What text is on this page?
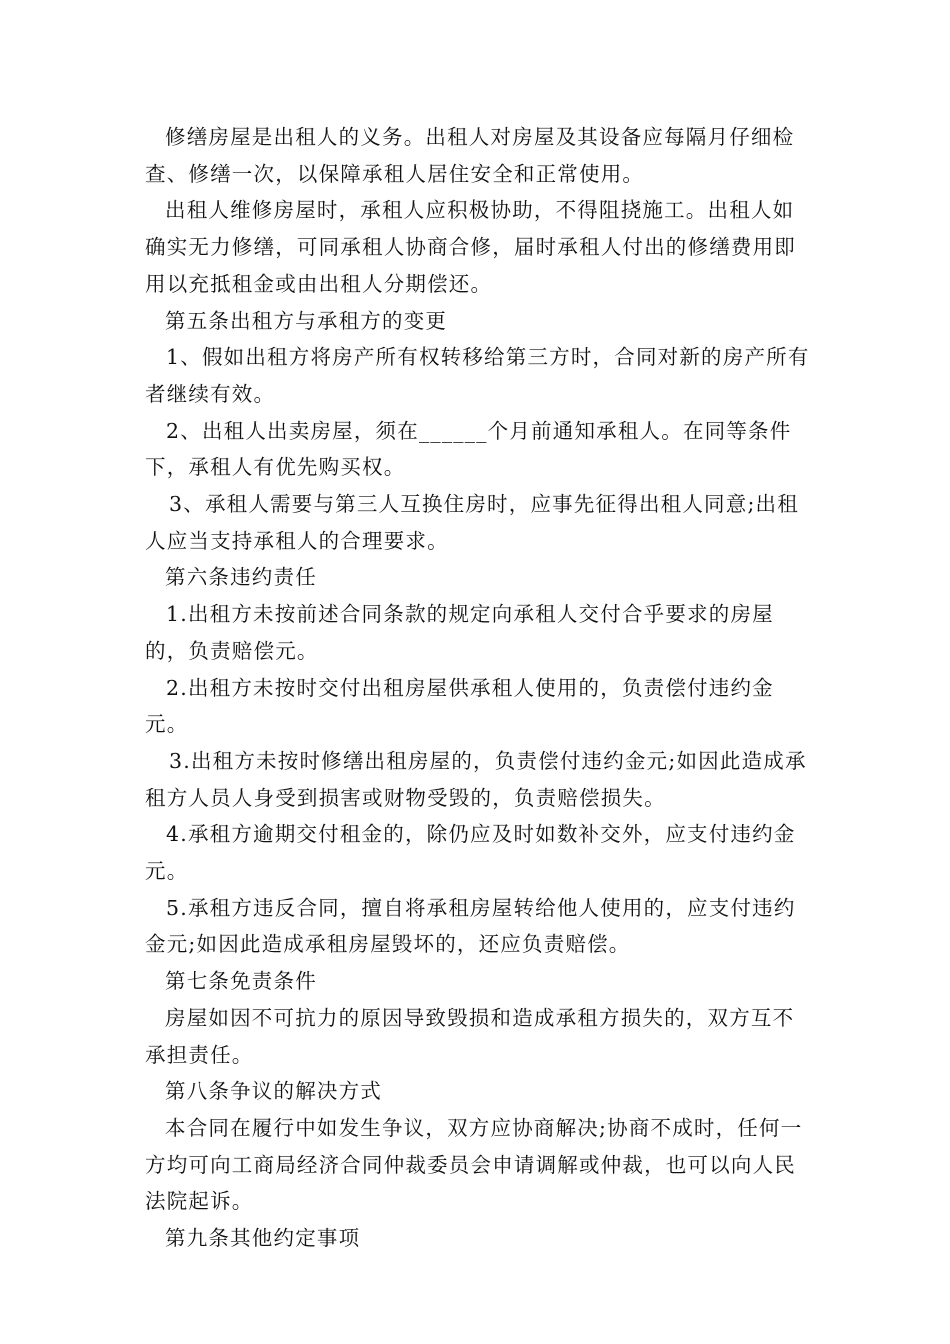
修缮房屋是出租人的义务。出租人对房屋及其设备应每隔月仔细检查、修缮一次，以保障承租人居住安全和正常使用。

出租人维修房屋时，承租人应积极协助，不得阻挠施工。出租人如确实无力修缮，可同承租人协商合修，届时承租人付出的修缮费用即用以充抵租金或由出租人分期偿还。

第五条出租方与承租方的变更

1、假如出租方将房产所有权转移给第三方时，合同对新的房产所有者继续有效。

2、出租人出卖房屋，须在______个月前通知承租人。在同等条件下，承租人有优先购买权。

3、承租人需要与第三人互换住房时，应事先征得出租人同意;出租人应当支持承租人的合理要求。

第六条违约责任

1.出租方未按前述合同条款的规定向承租人交付合乎要求的房屋的，负责赔偿元。

2.出租方未按时交付出租房屋供承租人使用的，负责偿付违约金元。

3.出租方未按时修缮出租房屋的，负责偿付违约金元;如因此造成承租方人员人身受到损害或财物受毁的，负责赔偿损失。

4.承租方逾期交付租金的，除仍应及时如数补交外，应支付违约金元。

5.承租方违反合同，擅自将承租房屋转给他人使用的，应支付违约金元;如因此造成承租房屋毁坏的，还应负责赔偿。

第七条免责条件

房屋如因不可抗力的原因导致毁损和造成承租方损失的，双方互不承担责任。

第八条争议的解决方式

本合同在履行中如发生争议，双方应协商解决;协商不成时，任何一方均可向工商局经济合同仲裁委员会申请调解或仲裁，也可以向人民法院起诉。

第九条其他约定事项
